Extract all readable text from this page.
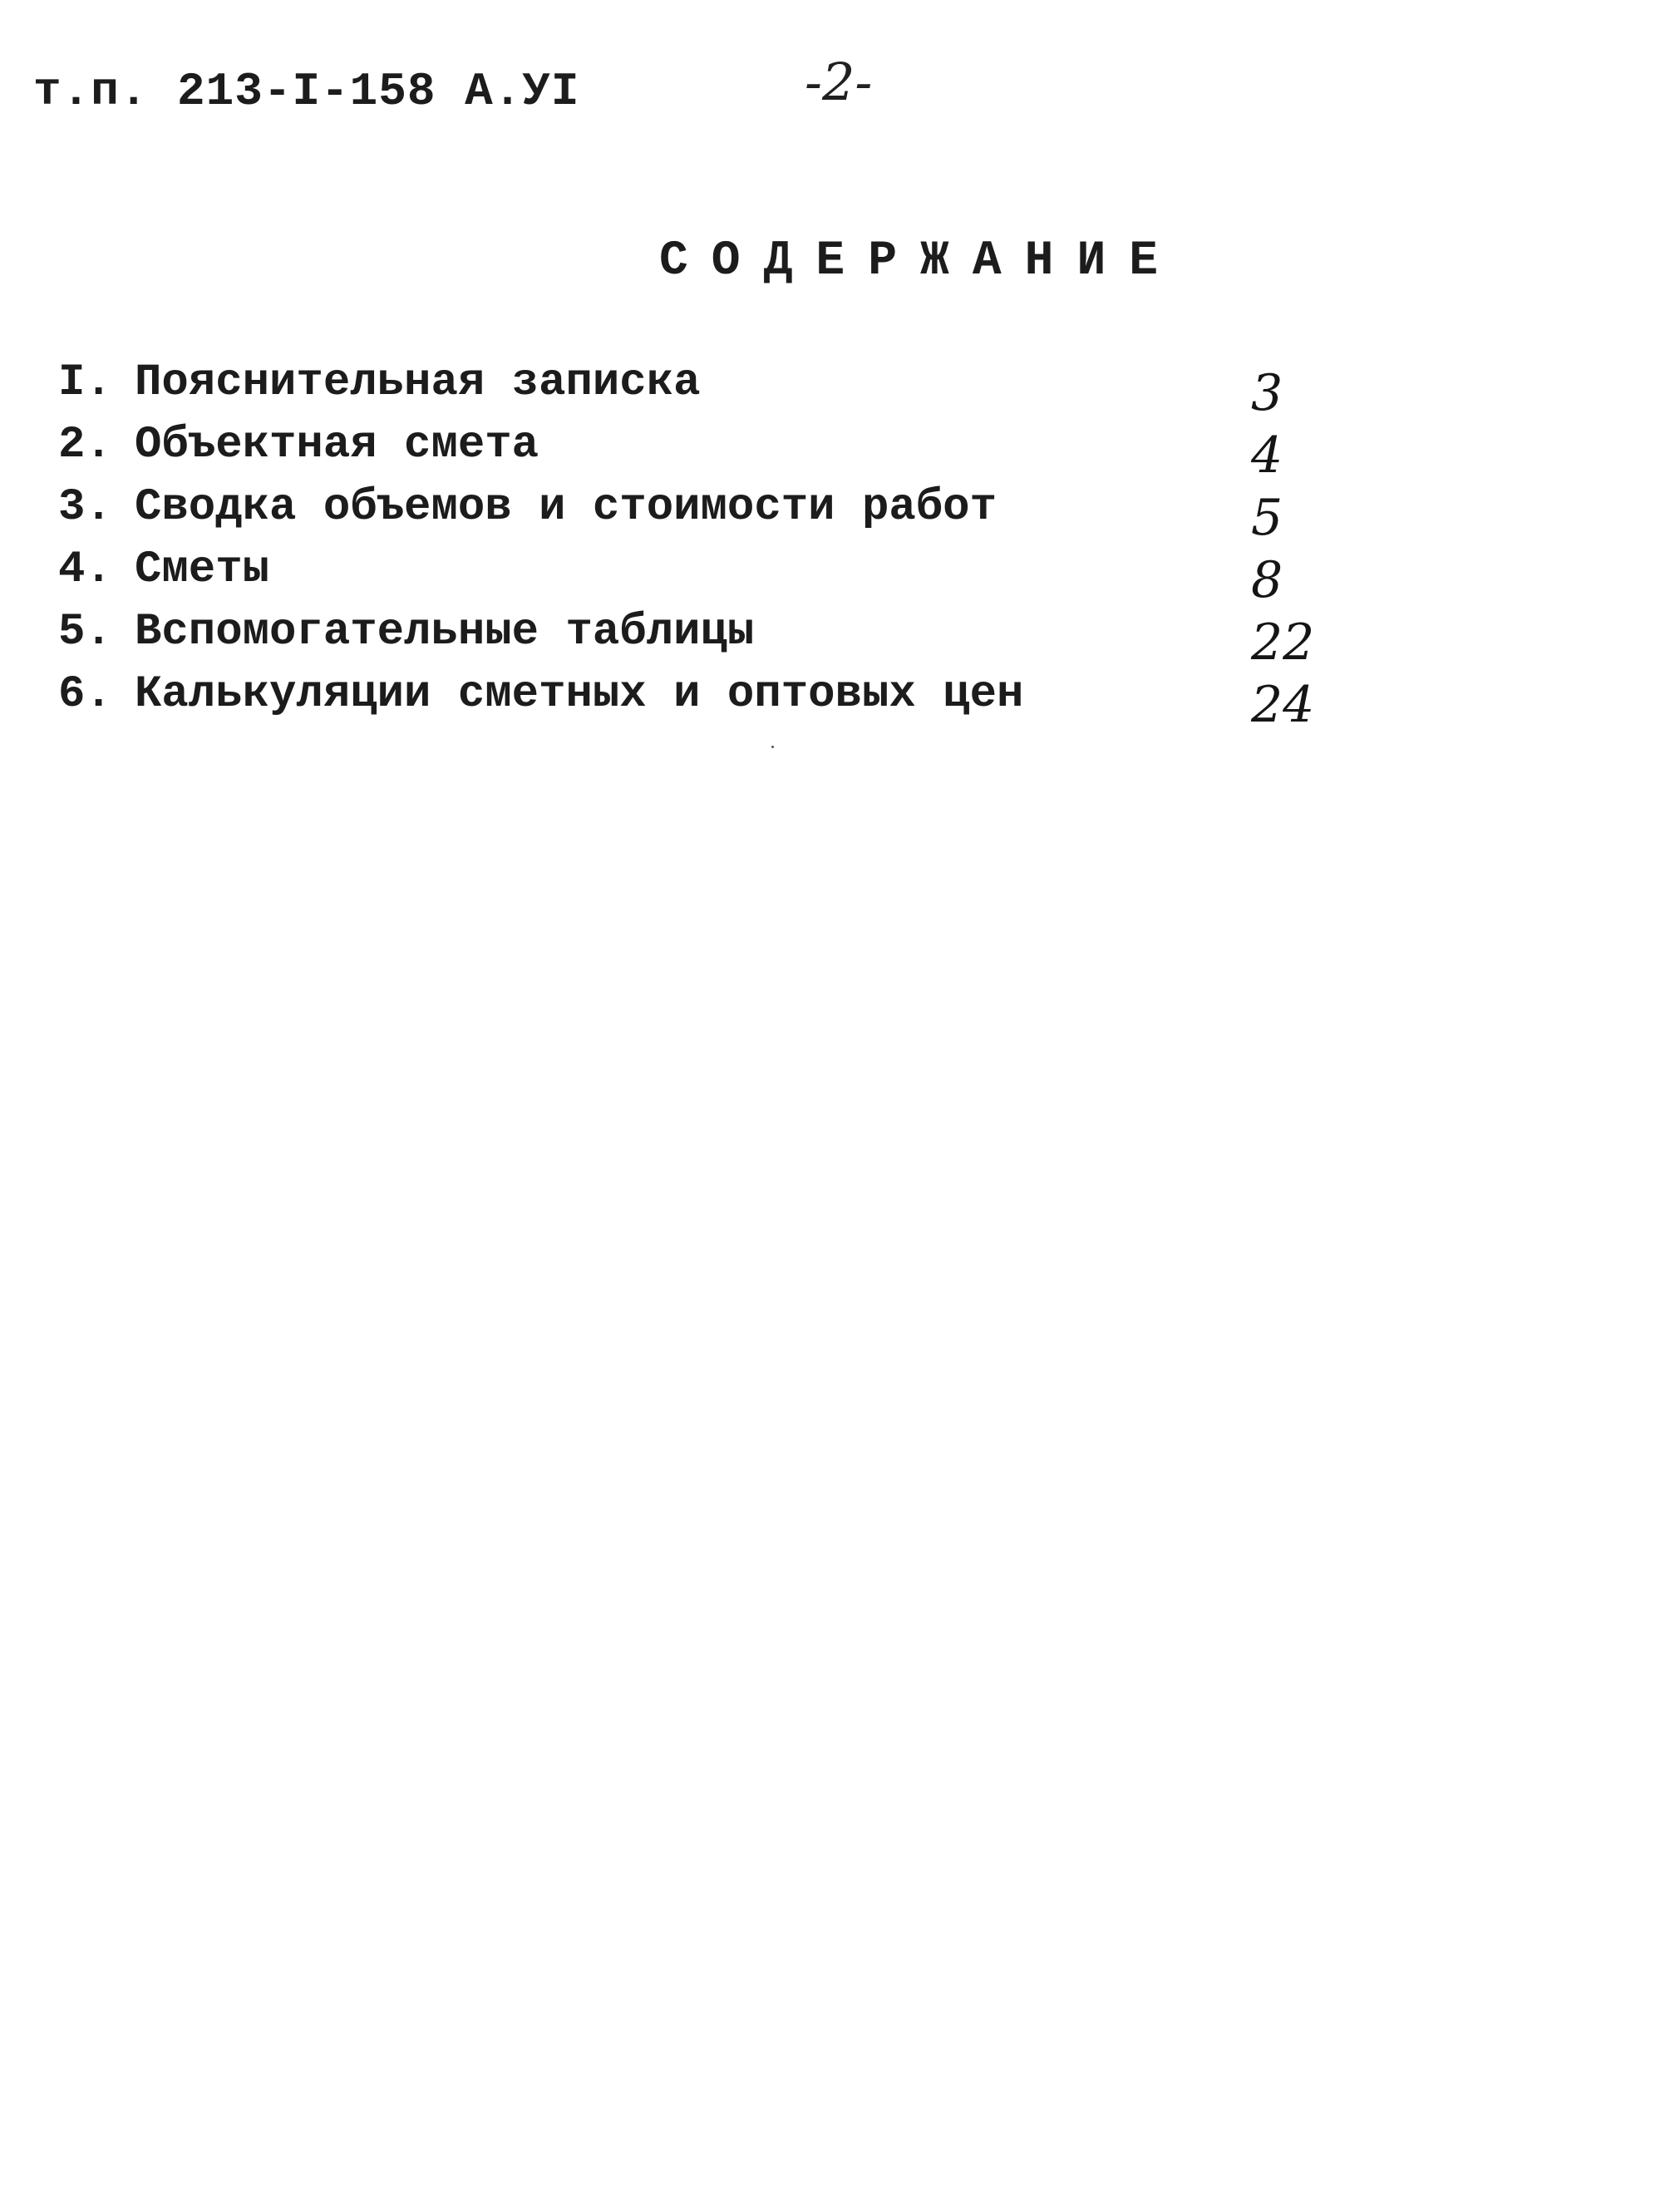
т.п. 213-I-158 А.УI	-2-
СОДЕРЖАНИЕ
I. Пояснительная записка	3
2. Объектная смета	4
3. Сводка объемов и стоимости работ	5
4. Сметы	8
5. Вспомогательные таблицы	22
6. Калькуляции сметных и оптовых цен	24
